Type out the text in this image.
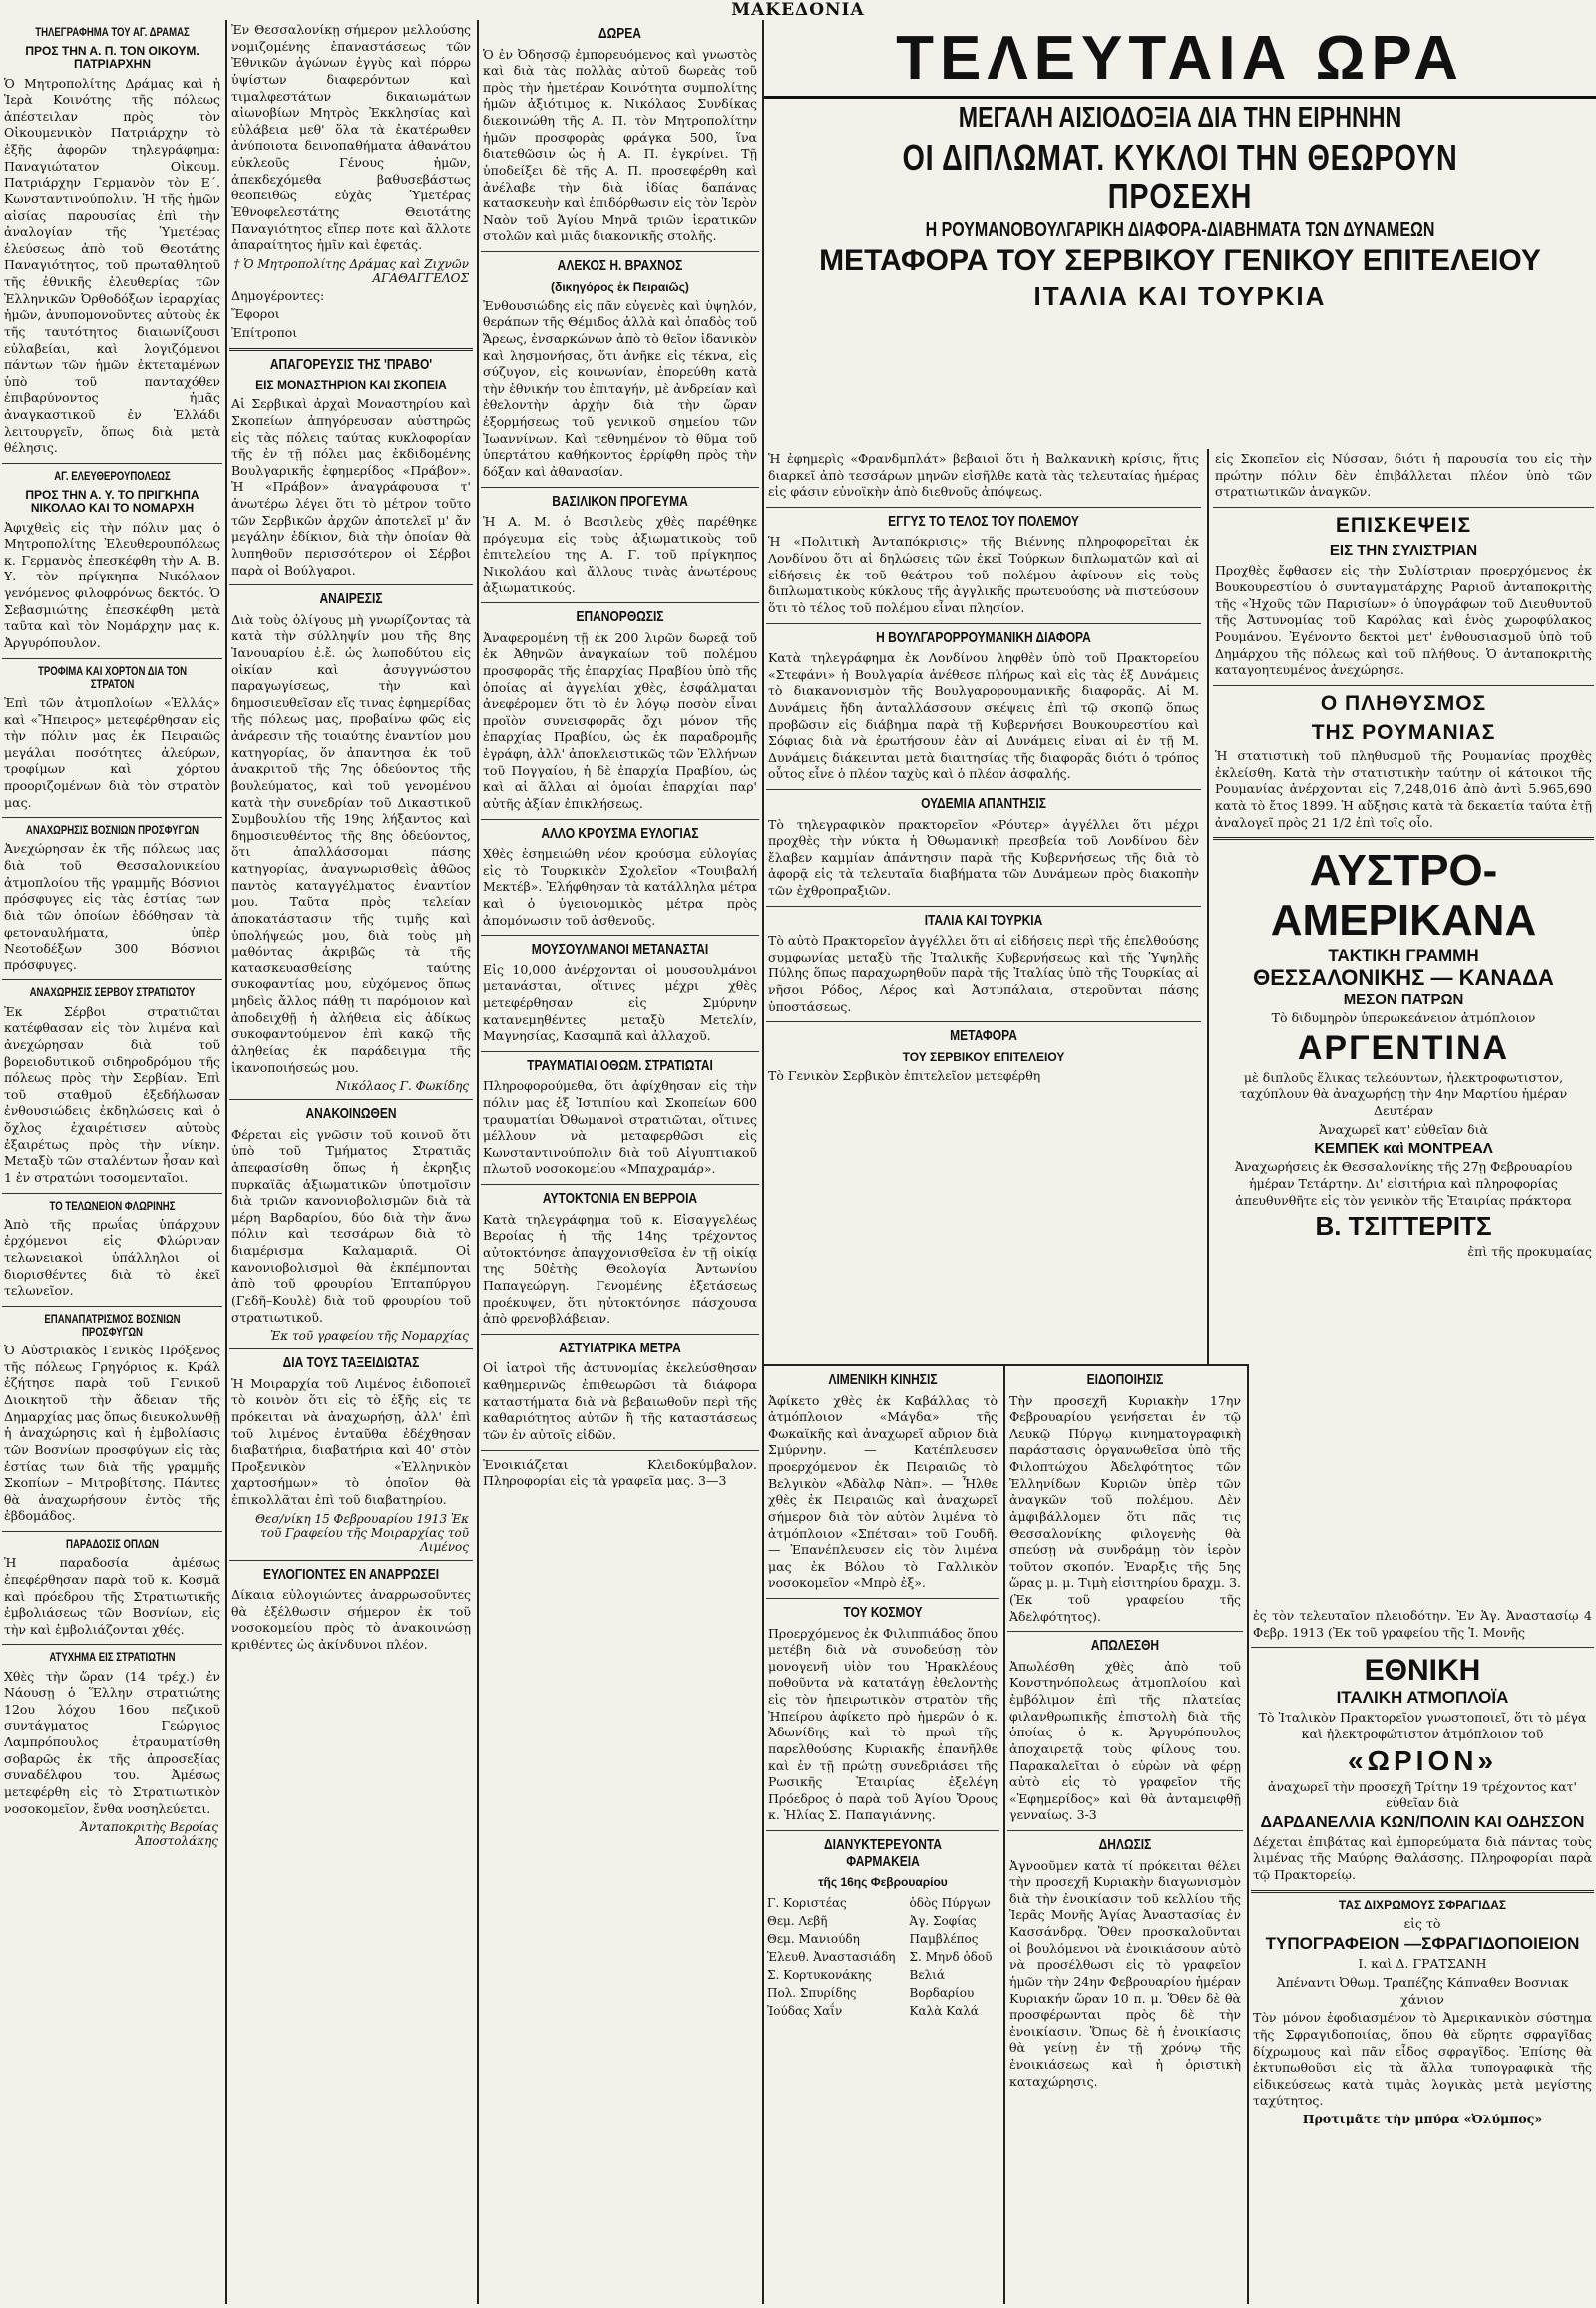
ΜΑΚΕΔΟΝΙΑ
ΤΗΛΕΓΡΑΦΗΜΑ ΤΟΥ ΑΓ. ΔΡΑΜΑΣ
ΠΡΟΣ ΤΗΝ Α. Π. ΤΟΝ ΟΙΚΟΥΜ. ΠΑΤΡΙΑΡΧΗΝ
Ὁ Μητροπολίτης Δράμας καὶ ἡ Ἱερὰ Κοινότης τῆς πόλεως ἀπέστειλαν πρὸς τὸν Οἰκουμενικὸν Πατριάρχην τὸ ἑξῆς ἀφορῶν τηλεγράφημα: Παναγιώτατον Οἰκουμ. Πατριάρχην Γερμανὸν τὸν Ε΄. Κωνσταντινούπολιν. Ἡ τῆς ἡμῶν αἰσίας παρουσίας ἐπὶ τὴν ἀναλογίαν τῆς Ὑμετέρας ἐλεύσεως ἀπὸ τοῦ Θεοτάτης Παναγιότητος, τοῦ πρωταθλητοῦ τῆς ἐθνικῆς ἐλευθερίας τῶν Ἑλληνικῶν Ὀρθοδόξων ἱεραρχίας ἡμῶν, ἀνυπομονοῦντες αὐτοὺς ἐκ τῆς ταυτότητος διαιωνίζουσι εὐλαβείαι, καὶ λογιζόμενοι πάντων τῶν ἡμῶν ἐκτεταμένων ὑπὸ τοῦ πανταχόθεν ἐπιβαρύνοντος ἡμᾶς ἀναγκαστικοῦ ἐν Ἑλλάδι λειτουργεῖν, ὅπως διὰ μετὰ θέλησις.
ΑΓ. ΕΛΕΥΘΕΡΟΥΠΟΛΕΩΣ
ΠΡΟΣ ΤΗΝ Α. Υ. ΤΟ ΠΡΙΓΚΗΠΑ ΝΙΚΟΛΑΟ ΚΑΙ ΤΟ ΝΟΜΑΡΧΗ
Ἀφιχθεὶς εἰς τὴν πόλιν μας ὁ Μητροπολίτης Ἐλευθερουπόλεως κ. Γερμανὸς ἐπεσκέφθη τὴν Α. Β. Υ. τὸν πρίγκηπα Νικόλαον γενόμενος φιλοφρόνως δεκτός. Ὁ Σεβασμιώτης ἐπεσκέφθη μετὰ ταῦτα καὶ τὸν Νομάρχην μας κ. Ἀργυρόπουλον.
ΤΡΟΦΙΜΑ ΚΑΙ ΧΟΡΤΟΝ ΔΙΑ ΤΟΝ ΣΤΡΑΤΟΝ
Ἐπὶ τῶν ἀτμοπλοίων «Ἑλλάς» καὶ «Ἤπειρος» μετεφέρθησαν εἰς τὴν πόλιν μας ἐκ Πειραιῶς μεγάλαι ποσότητες ἀλεύρων, τροφίμων καὶ χόρτου προοριζομένων διὰ τὸν στρατὸν μας.
ΑΝΑΧΩΡΗΣΙΣ ΒΟΣΝΙΩΝ ΠΡΟΣΦΥΓΩΝ
Ἀνεχώρησαν ἐκ τῆς πόλεως μας διὰ τοῦ Θεσσαλονικείου ἀτμοπλοίου τῆς γραμμῆς Βόσνιοι πρόσφυγες εἰς τὰς ἑστίας των διὰ τῶν ὁποίων ἐδόθησαν τὰ φετοναυλήματα, ὑπὲρ Νεοτοδέξων 300 Βόσνιοι πρόσφυγες.
ΑΝΑΧΩΡΗΣΙΣ ΣΕΡΒΟΥ ΣΤΡΑΤΙΩΤΟΥ
Ἐκ Σέρβοι στρατιῶται κατέφθασαν εἰς τὸν λιμένα καὶ ἀνεχώρησαν διὰ τοῦ βορειοδυτικοῦ σιδηροδρόμου τῆς πόλεως πρὸς τὴν Σερβίαν. Ἐπὶ τοῦ σταθμοῦ ἐξεδήλωσαν ἐνθουσιώδεις ἐκδηλώσεις καὶ ὁ ὄχλος ἐχαιρέτισεν αὐτοὺς ἐξαιρέτως πρὸς τὴν νίκην. Μεταξὺ τῶν σταλέντων ἦσαν καὶ 1 ἐν στρατώνι τοσομενταῖοι.
ΤΟ ΤΕΛΩΝΕΙΟΝ ΦΛΩΡΙΝΗΣ
Ἀπὸ τῆς πρωΐας ὑπάρχουν ἐρχόμενοι εἰς Φλώριναν τελωνειακοὶ ὑπάλληλοι οἱ διορισθέντες διὰ τὸ ἐκεῖ τελωνεῖον.
ΕΠΑΝΑΠΑΤΡΙΣΜΟΣ ΒΟΣΝΙΩΝ ΠΡΟΣΦΥΓΩΝ
Ὁ Αὐστριακὸς Γενικὸς Πρόξενος τῆς πόλεως Γρηγόριος κ. Κράλ ἐζήτησε παρὰ τοῦ Γενικοῦ Διοικητοῦ τὴν ἄδειαν τῆς Δημαρχίας μας ὅπως διευκολυνθῇ ἡ ἀναχώρησις καὶ ἡ ἐμβολίασις τῶν Βοσνίων προσφύγων εἰς τὰς ἑστίας των διὰ τῆς γραμμῆς Σκοπίων – Μιτροβίτσης. Πάντες θὰ ἀναχωρήσουν ἐντὸς τῆς ἑβδομάδος.
ΠΑΡΑΔΟΣΙΣ ΟΠΛΩΝ
Ἡ παραδοσία ἀμέσως ἐπεφέρθησαν παρὰ τοῦ κ. Κοσμᾶ καὶ πρόεδρου τῆς Στρατιωτικῆς ἐμβολιάσεως τῶν Βοσνίων, εἰς τὴν καὶ ἐμβολιάζονται χθές.
ΑΤΥΧΗΜΑ ΕΙΣ ΣΤΡΑΤΙΩΤΗΝ
Χθὲς τὴν ὥραν (14 τρέχ.) ἐν Νάουσῃ ὁ Ἕλλην στρατιώτης 12ου λόχου 16ου πεζικοῦ συντάγματος Γεώργιος Λαμπρόπουλος ἐτραυματίσθη σοβαρῶς ἐκ τῆς ἀπροσεξίας συναδέλφου του. Ἀμέσως μετεφέρθη εἰς τὸ Στρατιωτικὸν νοσοκομεῖον, ἔνθα νοσηλεύεται.
Ἀνταποκριτὴς Βεροίας Ἀποστολάκης
Ἐν Θεσσαλονίκῃ σήμερον μελλούσης νομιζομένης ἐπαναστάσεως τῶν Ἐθνικῶν ἀγώνων ἐγγὺς καὶ πόρρω ὑψίστων διαφερόντων καὶ τιμαλφεστάτων δικαιωμάτων αἰωνοβίων Μητρὸς Ἐκκλησίας καὶ εὐλάβεια μεθ' ὅλα τὰ ἐκατέρωθεν ἀνύποιοτα δεινοπαθήματα ἀθανάτου εὐκλεοῦς Γένους ἡμῶν, ἀπεκδεχόμεθα βαθυσεβάστως θεοπειθῶς εὐχὰς Ὑμετέρας Ἐθνοφελεστάτης Θειοτάτης Παναγιότητος εἴπερ ποτε καὶ ἄλλοτε ἀπαραίτητος ἡμῖν καὶ ἐφετάς.
† Ὁ Μητροπολίτης Δράμας καὶ Ζιχνῶν ΑΓΑΘΑΓΓΕΛΟΣ
Δημογέροντες:
Ἔφοροι
Ἐπίτροποι
ΑΠΑΓΟΡΕΥΣΙΣ ΤΗΣ 'ΠΡΑΒΟ'
ΕΙΣ ΜΟΝΑΣΤΗΡΙΟΝ ΚΑΙ ΣΚΟΠΕΙΑ
Αἱ Σερβικαὶ ἀρχαὶ Μοναστηρίου καὶ Σκοπείων ἀπηγόρευσαν αὐστηρῶς εἰς τὰς πόλεις ταύτας κυκλοφορίαν τῆς ἐν τῇ πόλει μας ἐκδιδομένης Βουλγαρικῆς ἐφημερίδος «Πράβον». Ἡ «Πράβον» ἀναγράφουσα τ' ἀνωτέρω λέγει ὅτι τὸ μέτρον τοῦτο τῶν Σερβικῶν ἀρχῶν ἀποτελεῖ μ' ἄν μεγάλην ἐδίκιον, διὰ τὴν ὁποίαν θὰ λυπηθοῦν περισσότερον οἱ Σέρβοι παρὰ οἱ Βούλγαροι.
ΑΝΑΙΡΕΣΙΣ
Διὰ τοὺς ὀλίγους μὴ γνωρίζοντας τὰ κατὰ τὴν σύλληψίν μου τῆς 8ης Ἰανουαρίου ἐ.ἔ. ὡς λωποδύτου εἰς οἰκίαν καὶ ἀσυγγνώστου παραγωγίσεως, τὴν καὶ δημοσιευθεῖσαν εἴς τινας ἐφημερίδας τῆς πόλεως μας, προβαίνω φῶς εἰς ἀνάρεσιν τῆς τοιαύτης ἐναντίον μου κατηγορίας, ὅν ἀπαντησα ἐκ τοῦ ἀνακριτοῦ τῆς 7ης ὁδεύοντος τῆς βουλεύματος, καὶ τοῦ γενομένου κατὰ τὴν συνεδρίαν τοῦ Δικαστικοῦ Συμβουλίου τῆς 19ης λήξαντος καὶ δημοσιευθέντος τῆς 8ης ὁδεύοντος, ὅτι ἀπαλλάσσομαι πάσης κατηγορίας, ἀναγνωρισθεὶς ἀθῶος παντὸς καταγγέλματος ἐναντίον μου. Ταῦτα πρὸς τελείαν ἀποκατάστασιν τῆς τιμῆς καὶ ὑπολήψεώς μου, διὰ τοὺς μὴ μαθόντας ἀκριβῶς τὰ τῆς κατασκευασθείσης ταύτης συκοφαντίας μου, εὐχόμενος ὅπως μηδεὶς ἄλλος πάθῃ τι παρόμοιον καὶ ἀποδειχθῇ ἡ ἀλήθεια εἰς ἀδίκως συκοφαντούμενον ἐπὶ κακῷ τῆς ἀληθείας ἐκ παράδειγμα τῆς ἱκανοποιήσεώς μου.
Νικόλαος Γ. Φωκίδης
ΑΝΑΚΟΙΝΩΘΕΝ
Φέρεται εἰς γνῶσιν τοῦ κοινοῦ ὅτι ὑπὸ τοῦ Τμήματος Στρατιᾶς ἀπεφασίσθη ὅπως ἡ ἐκρηξις πυρκαϊᾶς ἀξιωματικῶν ὑποτμοῖσιν διὰ τριῶν κανονιοβολισμῶν διὰ τὰ μέρη Βαρδαρίου, δύο διὰ τὴν ἄνω πόλιν καὶ τεσσάρων διὰ τὸ διαμέρισμα Καλαμαριᾶ. Οἱ κανονιοβολισμοὶ θὰ ἐκπέμπονται ἀπὸ τοῦ φρουρίου Ἐπταπύργου (Γεδῆ–Κουλὲ) διὰ τοῦ φρουρίου τοῦ στρατιωτικοῦ.
Ἐκ τοῦ γραφείου τῆς Νομαρχίας
ΔΙΑ ΤΟΥΣ ΤΑΞΕΙΔΙΩΤΑΣ
Ἡ Μοιραρχία τοῦ Λιμένος ἐιδοποιεῖ τὸ κοινὸν ὅτι εἰς τὸ ἐξῆς εἰς τε πρόκειται νὰ ἀναχωρήσῃ, ἀλλ' ἐπὶ τοῦ λιμένος ἐνταῦθα ἐδέχθησαν διαβατήρια, διαβατήρια καὶ 40' στὸν Προξενικὸν «Ἑλληνικὸν χαρτοσήμων» τὸ ὁποῖον θὰ ἐπικολλᾶται ἐπὶ τοῦ διαβατηρίου.
Θεσ/νίκη 15 Φεβρουαρίου 1913 Ἐκ τοῦ Γραφείου τῆς Μοιραρχίας τοῦ Λιμένος
ΕΥΛΟΓΙΟΝΤΕΣ ΕΝ ΑΝΑΡΡΩΣΕΙ
Δίκαια εὐλογιώντες ἀναρρωσοῦντες θὰ ἐξέλθωσιν σήμερον ἐκ τοῦ νοσοκομείου πρὸς τὸ ἀνακοινώσῃ κριθέντες ὡς ἀκίνδυνοι πλέον.
ΔΩΡΕΑ
Ὁ ἐν Ὀδησσῷ ἐμπορευόμενος καὶ γνωστὸς καὶ διὰ τὰς πολλὰς αὐτοῦ δωρεὰς τοῦ πρὸς τὴν ἡμετέραν Κοινότητα συμπολίτης ἡμῶν ἀξιότιμος κ. Νικόλαος Συνδίκας διεκοινώθη τῆς Α. Π. τὸν Μητροπολίτην ἡμῶν προσφορὰς φράγκα 500, ἵνα διατεθῶσιν ὡς ἡ Α. Π. ἐγκρίνει. Τῇ ὑποδείξει δὲ τῆς Α. Π. προσεφέρθη καὶ ἀνέλαβε τὴν διὰ ἰδίας δαπάνας κατασκευὴν καὶ ἐπιδόρθωσιν εἰς τὸν Ἱερὸν Ναὸν τοῦ Ἁγίου Μηνᾶ τριῶν ἱερατικῶν στολῶν καὶ μιᾶς διακονικῆς στολῆς.
ΑΛΕΚΟΣ Η. ΒΡΑΧΝΟΣ
(δικηγόρος ἐκ Πειραιῶς)
Ἐνθουσιώδης εἰς πᾶν εὐγενὲς καὶ ὑψηλόν, θεράπων τῆς Θέμιδος ἀλλὰ καὶ ὀπαδὸς τοῦ Ἄρεως, ἐνσαρκώνων ἀπὸ τὸ θεῖον ἰδανικὸν καὶ λησμονήσας, ὅτι ἀνῆκε εἰς τέκνα, εἰς σύζυγον, εἰς κοινωνίαν, ἐπορεύθη κατὰ τὴν ἐθνικήν του ἐπιταγήν, μὲ ἀνδρείαν καὶ ἐθελοντὴν ἀρχὴν διὰ τὴν ὥραν ἐξορμήσεως τοῦ γενικοῦ σημείου τῶν Ἰωαννίνων. Καὶ τεθνημένον τὸ θῦμα τοῦ ὑπερτάτου καθήκοντος ἐρρίφθη πρὸς τὴν δόξαν καὶ ἀθανασίαν.
ΒΑΣΙΛΙΚΟΝ ΠΡΟΓΕΥΜΑ
Ἡ Α. Μ. ὁ Βασιλεὺς χθὲς παρέθηκε πρόγευμα εἰς τοὺς ἀξιωματικοὺς τοῦ ἐπιτελείου της Α. Γ. τοῦ πρίγκηπος Νικολάου καὶ ἄλλους τινὰς ἀνωτέρους ἀξιωματικούς.
ΕΠΑΝΟΡΘΩΣΙΣ
Ἀναφερομένη τῇ ἐκ 200 λιρῶν δωρεᾷ τοῦ ἐκ Ἀθηνῶν ἀναγκαίων τοῦ πολέμου προσφορᾶς τῆς ἐπαρχίας Πραβίου ὑπὸ τῆς ὁποίας αἱ ἀγγελίαι χθὲς, ἐσφάλμαται ἀνεφέρομεν ὅτι τὸ ἐν λόγῳ ποσὸν εἶναι προϊὸν συνεισφορᾶς ὄχι μόνον τῆς ἐπαρχίας Πραβίου, ὡς ἐκ παραδρομῆς ἐγράφη, ἀλλ' ἀποκλειστικῶς τῶν Ἑλλήνων τοῦ Πογγαίου, ἡ δὲ ἐπαρχία Πραβίου, ὡς καὶ αἱ ἄλλαι αἱ ὁμοίαι ἐπαρχίαι παρ' αὐτῆς ἀξίαν ἐπικλήσεως.
ΑΛΛΟ ΚΡΟΥΣΜΑ ΕΥΛΟΓΙΑΣ
Χθὲς ἐσημειώθη νέον κρούσμα εὐλογίας εἰς τὸ Τουρκικὸν Σχολεῖον «Τουιβαλή Μεκτέβ». Ἐλήφθησαν τὰ κατάλληλα μέτρα καὶ ὁ ὑγειονομικὸς μέτρα πρὸς ἀπομόνωσιν τοῦ ἀσθενοῦς.
ΜΟΥΣΟΥΛΜΑΝΟΙ ΜΕΤΑΝΑΣΤΑΙ
Εἰς 10,000 ἀνέρχονται οἱ μουσουλμάνοι μετανάσται, οἵτινες μέχρι χθὲς μετεφέρθησαν εἰς Σμύρνην κατανεμηθέντες μεταξὺ Μετελίν, Μαγνησίας, Κασαμπᾶ καὶ ἀλλαχοῦ.
ΤΡΑΥΜΑΤΙΑΙ ΟΘΩΜ. ΣΤΡΑΤΙΩΤΑΙ
Πληροφορούμεθα, ὅτι ἀφίχθησαν εἰς τὴν πόλιν μας ἐξ Ἰστιπίου καὶ Σκοπείων 600 τραυματίαι Ὀθωμανοὶ στρατιῶται, οἵτινες μέλλουν νὰ μεταφερθῶσι εἰς Κωνσταντινούπολιν διὰ τοῦ Αἰγυπτιακοῦ πλωτοῦ νοσοκομείου «Μπαχραμάρ».
ΑΥΤΟΚΤΟΝΙΑ ΕΝ ΒΕΡΡΟΙΑ
Κατὰ τηλεγράφημα τοῦ κ. Εἰσαγγελέως Βεροίας ἡ τῆς 14ης τρέχοντος αὐτοκτόνησε ἀπαγχονισθεῖσα ἐν τῇ οἰκίᾳ της 50ἐτὴς Θεολογία Ἀντωνίου Παπαγεώργη. Γενομένης ἐξετάσεως προέκυψεν, ὅτι ηὐτοκτόνησε πάσχουσα ἀπὸ φρενοβλάβειαν.
ΑΣΤΥΙΑΤΡΙΚΑ ΜΕΤΡΑ
Οἱ ἰατροὶ τῆς ἀστυνομίας ἐκελεύσθησαν καθημερινῶς ἐπιθεωρῶσι τὰ διάφορα καταστήματα διὰ νὰ βεβαιωθοῦν περὶ τῆς καθαριότητος αὐτῶν ἢ τῆς καταστάσεως τῶν ἐν αὐτοῖς εἰδῶν.
Ἐνοικιάζεται Κλειδοκύμβαλον. Πληροφορίαι εἰς τὰ γραφεῖα μας. 3—3
ΤΕΛΕΥΤΑΙΑ ΩΡΑ
ΜΕΓΑΛΗ ΑΙΣΙΟΔΟΞΙΑ ΔΙΑ ΤΗΝ ΕΙΡΗΝΗΝ
ΟΙ ΔΙΠΛΩΜΑΤ. ΚΥΚΛΟΙ ΤΗΝ ΘΕΩΡΟΥΝ ΠΡΟΣΕΧΗ
Η ΡΟΥΜΑΝΟΒΟΥΛΓΑΡΙΚΗ ΔΙΑΦΟΡΑ-ΔΙΑΒΗΜΑΤΑ ΤΩΝ ΔΥΝΑΜΕΩΝ
ΜΕΤΑΦΟΡΑ ΤΟΥ ΣΕΡΒΙΚΟΥ ΓΕΝΙΚΟΥ ΕΠΙΤΕΛΕΙΟΥ
ΙΤΑΛΙΑ ΚΑΙ ΤΟΥΡΚΙΑ
Ἡ ἐφημερὶς «Φρανδμπλάτ» βεβαιοῖ ὅτι ἡ Βαλκανικὴ κρίσις, ἥτις διαρκεῖ ἀπὸ τεσσάρων μηνῶν εἰσῆλθε κατὰ τὰς τελευταίας ἡμέρας εἰς φάσιν εὐνοϊκὴν ἀπὸ διεθνοῦς ἀπόψεως.
ΕΓΓΥΣ ΤΟ ΤΕΛΟΣ ΤΟΥ ΠΟΛΕΜΟΥ
Ἡ «Πολιτικὴ Ἀνταπόκρισις» τῆς Βιέννης πληροφορεῖται ἐκ Λονδίνου ὅτι αἱ δηλώσεις τῶν ἐκεῖ Τούρκων διπλωματῶν καὶ αἱ εἰδήσεις ἐκ τοῦ θεάτρου τοῦ πολέμου ἀφίνουν εἰς τοὺς διπλωματικοὺς κύκλους τῆς ἀγγλικῆς πρωτευούσης νὰ πιστεύσουν ὅτι τὸ τέλος τοῦ πολέμου εἶναι πλησίον.
Η ΒΟΥΛΓΑΡΟΡΡΟΥΜΑΝΙΚΗ ΔΙΑΦΟΡΑ
Κατὰ τηλεγράφημα ἐκ Λονδίνου ληφθὲν ὑπὸ τοῦ Πρακτορείου «Στεφάνι» ἡ Βουλγαρία ἀνέθεσε πλήρως καὶ εἰς τὰς ἐξ Δυνάμεις τὸ διακανονισμὸν τῆς Βουλγαρορουμανικῆς διαφορᾶς. Αἱ Μ. Δυνάμεις ἤδη ἀνταλλάσσουν σκέψεις ἐπὶ τῷ σκοπῷ ὅπως προβῶσιν εἰς διάβημα παρὰ τῇ Κυβερνήσει Βουκουρεστίου καὶ Σόφιας διὰ νὰ ἐρωτήσουν ἐὰν αἱ Δυνάμεις εἰναι αἱ ἐν τῇ Μ. Δυνάμεις διάκεινται μετὰ διαιτησίας τῆς διαφορᾶς διότι ὁ τρόπος οὗτος εἶνε ὁ πλέον ταχὺς καὶ ὁ πλέον ἀσφαλής.
ΟΥΔΕΜΙΑ ΑΠΑΝΤΗΣΙΣ
Τὸ τηλεγραφικὸν πρακτορεῖον «Ρόυτερ» ἀγγέλλει ὅτι μέχρι προχθὲς τὴν νύκτα ἡ Ὀθωμανικὴ πρεσβεία τοῦ Λονδίνου δὲν ἔλαβεν καμμίαν ἀπάντησιν παρὰ τῆς Κυβερνήσεως τῆς διὰ τὸ ἀφορᾷ εἰς τὰ τελευταῖα διαβήματα τῶν Δυνάμεων πρὸς διακοπὴν τῶν ἐχθροπραξιῶν.
ΙΤΑΛΙΑ ΚΑΙ ΤΟΥΡΚΙΑ
Τὸ αὐτὸ Πρακτορεῖον ἀγγέλλει ὅτι αἱ εἰδήσεις περὶ τῆς ἐπελθούσης συμφωνίας μεταξὺ τῆς Ἰταλικῆς Κυβερνήσεως καὶ τῆς Ὑψηλῆς Πύλης ὅπως παραχωρηθοῦν παρὰ τῆς Ἰταλίας ὑπὸ τῆς Τουρκίας αἱ νῆσοι Ρόδος, Λέρος καὶ Ἀστυπάλαια, στεροῦνται πάσης ὑποστάσεως.
ΜΕΤΑΦΟΡΑ
ΤΟΥ ΣΕΡΒΙΚΟΥ ΕΠΙΤΕΛΕΙΟΥ
Τὸ Γενικὸν Σερβικὸν ἐπιτελεῖον μετεφέρθη
εἰς Σκοπεῖον εἰς Νύσσαν, διότι ἡ παρουσία του εἰς τὴν πρώτην πόλιν δὲν ἐπιβάλλεται πλέον ὑπὸ τῶν στρατιωτικῶν ἀναγκῶν.
ΕΠΙΣΚΕΨΕΙΣ
ΕΙΣ ΤΗΝ ΣΥΛΙΣΤΡΙΑΝ
Προχθὲς ἔφθασεν εἰς τὴν Συλίστριαν προερχόμενος ἐκ Βουκουρεστίου ὁ συνταγματάρχης Ραριοῦ ἀνταποκριτὴς τῆς «Ἠχοῦς τῶν Παρισίων» ὁ ὑπογράφων τοῦ Διευθυντοῦ τῆς Ἀστυνομίας τοῦ Καρόλας καὶ ἑνὸς χωροφύλακος Ρουμάνου. Ἐγένοντο δεκτοὶ μετ' ἐνθουσιασμοῦ ὑπὸ τοῦ Δημάρχου τῆς πόλεως καὶ τοῦ πλήθους. Ὁ ἀνταποκριτὴς καταγοητευμένος ἀνεχώρησε.
Ο ΠΛΗΘΥΣΜΟΣ
ΤΗΣ ΡΟΥΜΑΝΙΑΣ
Ἡ στατιστικὴ τοῦ πληθυσμοῦ τῆς Ρουμανίας προχθὲς ἐκλείσθη. Κατὰ τὴν στατιστικὴν ταύτην οἱ κάτοικοι τῆς Ρουμανίας ἀνέρχονται εἰς 7,248,016 ἀπὸ ἀντὶ 5.965,690 κατὰ τὸ ἔτος 1899. Ἡ αὔξησις κατὰ τὰ δεκαετία ταύτα ἐτῇ ἀναλογεῖ πρὸς 21 1/2 ἐπὶ τοῖς οἷο.
ΑΥΣΤΡΟ-ΑΜΕΡΙΚΑΝΑ
ΤΑΚΤΙΚΗ ΓΡΑΜΜΗ
ΘΕΣΣΑΛΟΝΙΚΗΣ — ΚΑΝΑΔΑ
ΜΕΣΟΝ ΠΑΤΡΩΝ
Τὸ διδυμηρὸν ὑπερωκεάνειον ἀτμόπλοιον
ΑΡΓΕΝΤΙΝΑ
μὲ διπλοῦς ἕλικας τελεόυντων, ἠλεκτροφωτιστον, ταχύπλουν θὰ ἀναχωρήσῃ τὴν 4ην Μαρτίου ἡμέραν Δευτέραν
Ἀναχωρεῖ κατ' εὐθεῖαν διὰ
ΚΕΜΠΕΚ καὶ ΜΟΝΤΡΕΑΛ
Ἀναχωρήσεις ἐκ Θεσσαλονίκης τῆς 27ῃ Φεβρουαρίου ἡμέραν Τετάρτην. Δι' εἰσιτήρια καὶ πληροφορίας ἀπευθυνθῆτε εἰς τὸν γενικὸν τῆς Ἑταιρίας πράκτορα
Β. ΤΣΙΤΤΕΡΙΤΣ
ἐπὶ τῆς προκυμαίας
ΛΙΜΕΝΙΚΗ ΚΙΝΗΣΙΣ
Ἀφίκετο χθὲς ἐκ Καβάλλας τὸ ἀτμόπλοιον «Μάγδα» τῆς Φωκαϊκῆς καὶ ἀναχωρεῖ αὔριον διὰ Σμύρνην. — Κατέπλευσεν προερχόμενον ἐκ Πειραιῶς τὸ Βελγικὸν «Ἀδὰλφ Νὰπ». — Ἦλθε χθὲς ἐκ Πειραιῶς καὶ ἀναχωρεῖ σήμερον διὰ τὸν αὐτὸν λιμένα τὸ ἀτμόπλοιον «Σπέτσαι» τοῦ Γουδῆ. — Ἐπανέπλευσεν εἰς τὸν λιμένα μας ἐκ Βόλου τὸ Γαλλικὸν νοσοκομεῖον «Μπρὸ ἐξ».
ΤΟΥ ΚΟΣΜΟΥ
Προερχόμενος ἐκ Φιλιππιάδος ὅπου μετέβη διὰ νὰ συνοδεύσῃ τὸν μονογενῆ υἱὸν του Ἠρακλέους ποθοῦντα νὰ κατατάγῃ ἐθελοντὴς εἰς τὸν ἠπειρωτικὸν στρατὸν τῆς Ἠπείρου ἀφίκετο πρὸ ἡμερῶν ὁ κ. Ἀδωνίδης καὶ τὸ πρωὶ τῆς παρελθούσης Κυριακῆς ἐπανῆλθε καὶ ἐν τῇ πρώτῃ συνεδριάσει τῆς Ρωσικῆς Ἑταιρίας ἐξελέγη Πρόεδρος ὁ παρὰ τοῦ Ἁγίου Ὄρους κ. Ἠλίας Σ. Παπαγιάννης.
ΔΙΑΝΥΚΤΕΡΕΥΟΝΤΑ ΦΑΡΜΑΚΕΙΑ
τῆς 16ης Φεβρουαρίου
Γ. Κοριστέας	ὁδὸς Πύργων
Θεμ. Λεβῆ	Ἀγ. Σοφίας
Θεμ. Μανιούδη	Παμβλέπος
Ἑλευθ. Ἀναστασιάδη	Σ. Μηνδ ὁδοῦ
Σ. Κορτυκονάκης	Βελιά
Πολ. Σπυρίδης	Βορδαρίου
Ἰούδας Χαΐν	Καλὰ Καλά
ΕΙΔΟΠΟΙΗΣΙΣ
Τὴν προσεχῆ Κυριακὴν 17ην Φεβρουαρίου γενήσεται ἐν τῷ Λευκῷ Πύργῳ κινηματογραφικὴ παράστασις ὀργανωθεῖσα ὑπὸ τῆς Φιλοπτώχου Ἀδελφότητος τῶν Ἑλληνίδων Κυριῶν ὑπὲρ τῶν ἀναγκῶν τοῦ πολέμου. Δὲν ἀμφιβάλλομεν ὅτι πᾶς τις Θεσσαλονίκης φιλογενὴς θὰ σπεύσῃ νὰ συνδράμῃ τὸν ἱερὸν τοῦτον σκοπόν. Ἐναρξις τῆς 5ης ὥρας μ. μ. Τιμὴ εἰσιτηρίου δραχμ. 3. (Ἐκ τοῦ γραφείου τῆς Ἀδελφότητος).
ΑΠΩΛΕΣΘΗ
Ἀπωλέσθη χθὲς ἀπὸ τοῦ Κονστηνόπολεως ἀτμοπλοίου καὶ ἐμβόλιμον ἐπὶ τῆς πλατείας φιλανθρωπικῆς ἐπιστολὴ διὰ τῆς ὁποίας ὁ κ. Ἀργυρόπουλος ἀποχαιρετᾷ τοὺς φίλους του. Παρακαλεῖται ὁ εὑρὼν νὰ φέρῃ αὐτὸ εἰς τὸ γραφεῖον τῆς «Ἐφημερίδος» καὶ θὰ ἀνταμειφθῇ γενναίως. 3-3
ΔΗΛΩΣΙΣ
Ἀγνοοῦμεν κατὰ τί πρόκειται θέλει τὴν προσεχῆ Κυριακὴν διαγωνισμὸν διὰ τὴν ἐνοικίασιν τοῦ κελλίου τῆς Ἱερᾶς Μονῆς Ἁγίας Ἀναστασίας ἐν Κασσάνδρᾳ. Ὅθεν προσκαλοῦνται οἱ βουλόμενοι νὰ ἐνοικιάσουν αὐτὸ νὰ προσέλθωσι εἰς τὸ γραφεῖον ἡμῶν τὴν 24ην Φεβρουαρίου ἡμέραν Κυριακήν ὥραν 10 π. μ. Ὅθεν δὲ θὰ προσφέρωνται πρὸς δὲ τὴν ἐνοικίασιν. Ὅπως δὲ ἡ ἐνοικίασις θὰ γείνῃ ἐν τῇ χρόνῳ τῆς ἐνοικιάσεως καὶ ἡ ὁριστικὴ καταχώρησις.
ἐς τὸν τελευταῖον πλειοδότην. Ἐν Ἁγ. Ἀναστασίῳ 4 Φεβρ. 1913 (Ἐκ τοῦ γραφείου τῆς Ἱ. Μονῆς
ΕΘΝΙΚΗ
ΙΤΑΛΙΚΗ ΑΤΜΟΠΛΟΪΑ
Τὸ Ἰταλικὸν Πρακτορεῖον γνωστοποιεῖ, ὅτι τὸ μέγα καὶ ἠλεκτροφώτιστον ἀτμόπλοιον τοῦ
«ΩΡΙΟΝ»
ἀναχωρεῖ τὴν προσεχῆ Τρίτην 19 τρέχοντος κατ' εὐθεῖαν διὰ
ΔΑΡΔΑΝΕΛΛΙΑ ΚΩΝ/ΠΟΛΙΝ ΚΑΙ ΟΔΗΣΣΟΝ
Δέχεται ἐπιβάτας καὶ ἐμπορεύματα διὰ πάντας τοὺς λιμένας τῆς Μαύρης Θαλάσσης. Πληροφορίαι παρὰ τῷ Πρακτορείῳ.
ΤΑΣ ΔΙΧΡΩΜΟΥΣ ΣΦΡΑΓΙΔΑΣ
εἰς τὸ
ΤΥΠΟΓΡΑΦΕΙΟΝ —ΣΦΡΑΓΙΔΟΠΟΙΕΙΟΝ
Ι. καὶ Δ. ΓΡΑΤΣΑΝΗ
Ἀπέναντι Ὀθωμ. Τραπέζης Κάπναθεν Βοσνιακ χάνιον
Τὸν μόνον ἐφοδιασμένον τὸ Ἀμερικανικὸν σύστημα τῆς Σφραγιδοποιίας, ὅπου θὰ εὕρητε σφραγῖδας δίχρωμους καὶ πᾶν εἶδος σφραγῖδος. Ἐπίσης θὰ ἐκτυπωθοῦσι εἰς τὰ ἄλλα τυπογραφικὰ τῆς εἰδικεύσεως κατὰ τιμὰς λογικὰς μετὰ μεγίστης ταχύτητος.
Προτιμᾶτε τὴν μπύρα «Ὀλύμπος»
